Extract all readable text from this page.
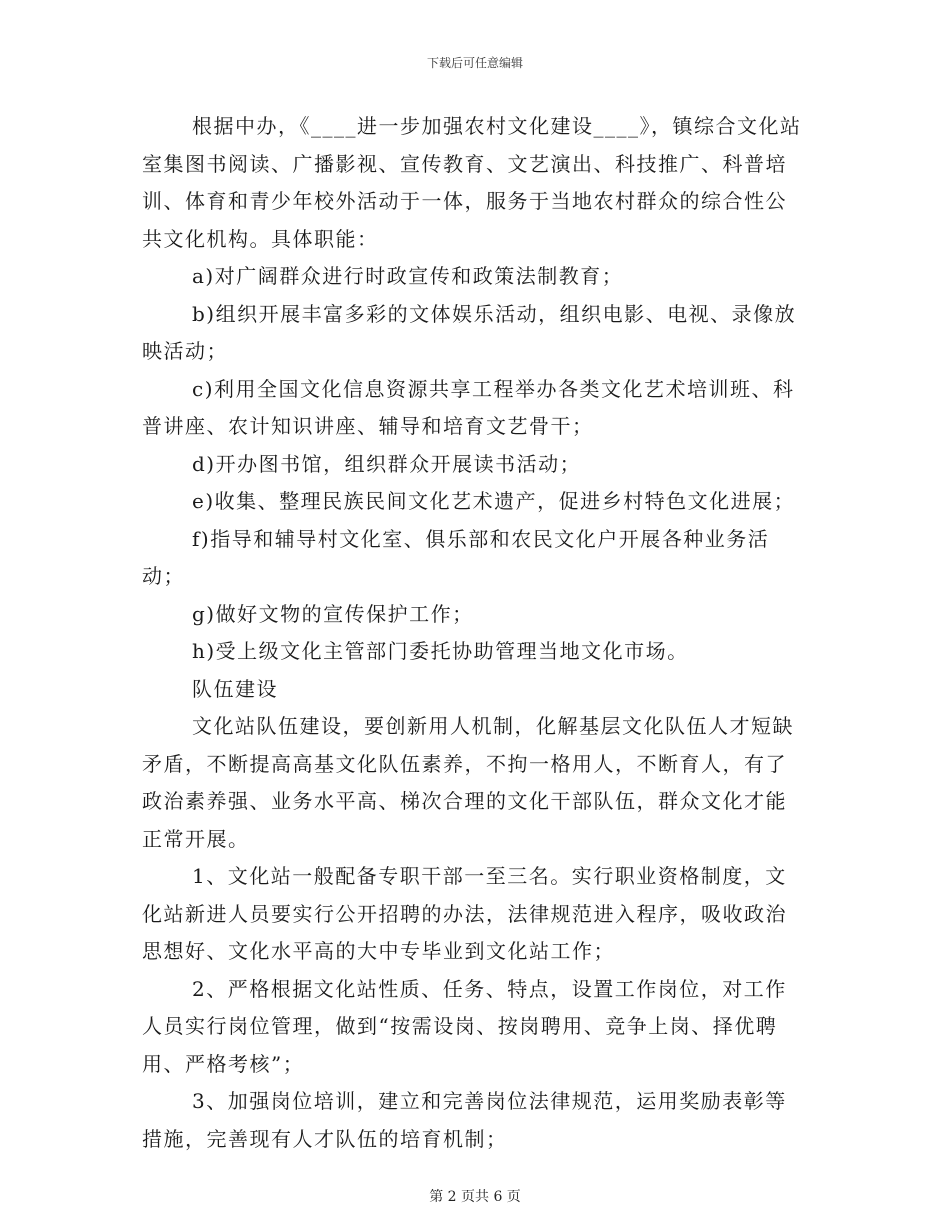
下载后可任意编辑

根据中办，《____进一步加强农村文化建设____》，镇综合文化站室集图书阅读、广播影视、宣传教育、文艺演出、科技推广、科普培训、体育和青少年校外活动于一体，服务于当地农村群众的综合性公共文化机构。具体职能：

a)对广阔群众进行时政宣传和政策法制教育；

b)组织开展丰富多彩的文体娱乐活动，组织电影、电视、录像放映活动；

c)利用全国文化信息资源共享工程举办各类文化艺术培训班、科普讲座、农计知识讲座、辅导和培育文艺骨干；

d)开办图书馆，组织群众开展读书活动；

e)收集、整理民族民间文化艺术遗产，促进乡村特色文化进展；

f)指导和辅导村文化室、俱乐部和农民文化户开展各种业务活动；

g)做好文物的宣传保护工作；

h)受上级文化主管部门委托协助管理当地文化市场。

队伍建设

文化站队伍建设，要创新用人机制，化解基层文化队伍人才短缺矛盾，不断提高高基文化队伍素养，不拘一格用人，不断育人，有了政治素养强、业务水平高、梯次合理的文化干部队伍，群众文化才能正常开展。

1、文化站一般配备专职干部一至三名。实行职业资格制度，文化站新进人员要实行公开招聘的办法，法律规范进入程序，吸收政治思想好、文化水平高的大中专毕业到文化站工作；

2、严格根据文化站性质、任务、特点，设置工作岗位，对工作人员实行岗位管理，做到“按需设岗、按岗聘用、竞争上岗、择优聘用、严格考核”；

3、加强岗位培训，建立和完善岗位法律规范，运用奖励表彰等措施，完善现有人才队伍的培育机制；

第 2 页共 6 页
